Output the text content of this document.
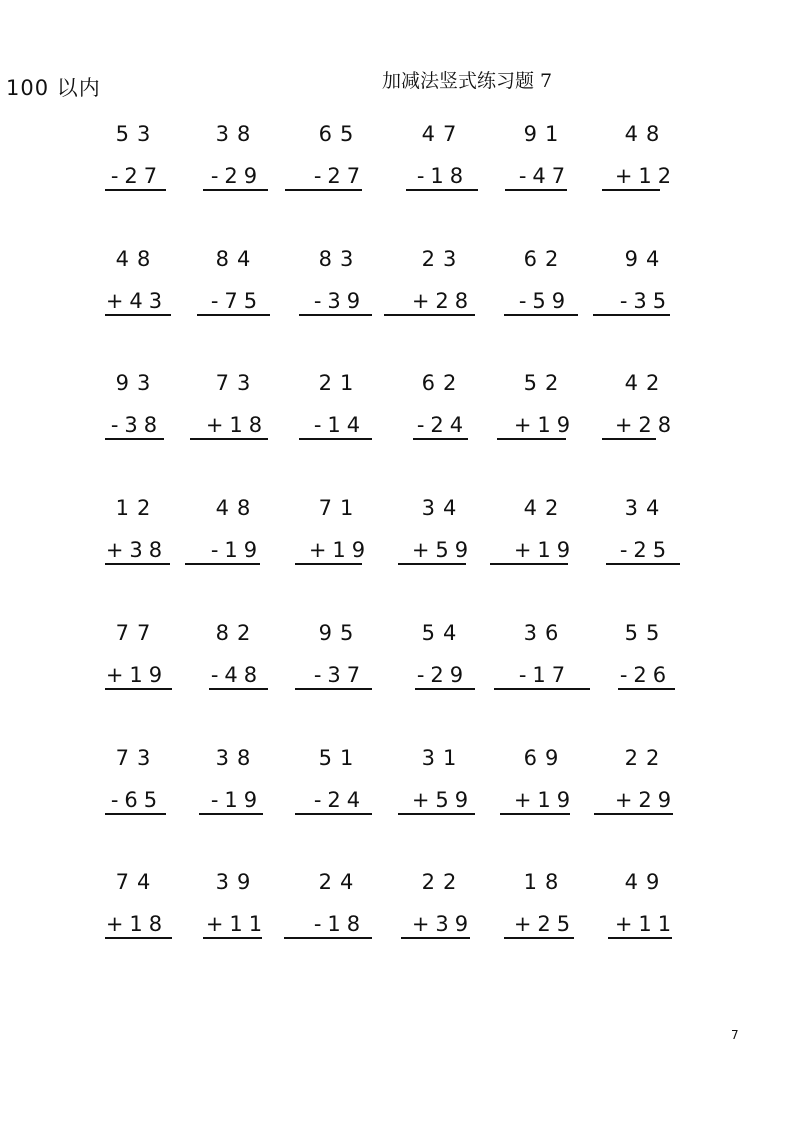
100 以内	加减法竖式练习题 7
53
-27
38
-29
65
-27
47
-18
91
-47
48
+12
48
+43
84
-75
83
-39
23
+28
62
-59
94
-35
93
-38
73
+18
21
-14
62
-24
52
+19
42
+28
12
+38
48
-19
71
+19
34
+59
42
+19
34
-25
77
+19
82
-48
95
-37
54
-29
36
-17
55
-26
73
-65
38
-19
51
-24
31
+59
69
+19
22
+29
74
+18
39
+11
24
-18
22
+39
18
+25
49
+11
7
